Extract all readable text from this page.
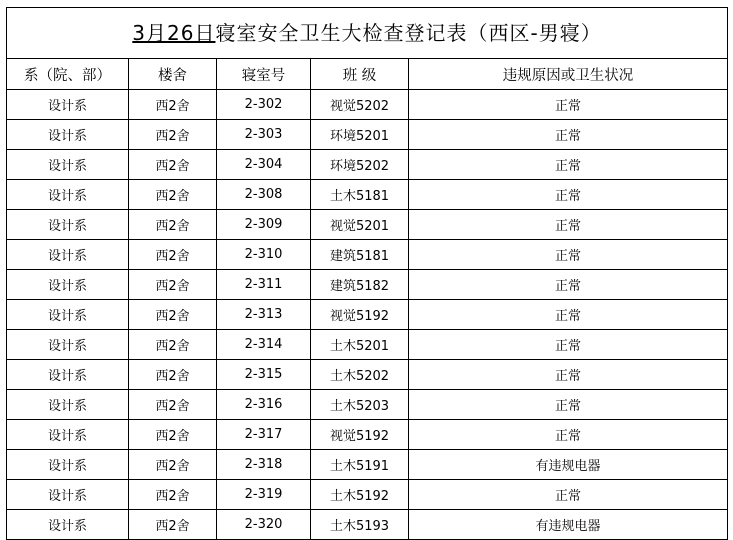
3月26日寝室安全卫生大检查登记表（西区-男寝）				
系（院、部）	楼舍	寝室号	班 级	违规原因或卫生状况
设计系	西2舍	2-302	视觉5202	正常
设计系	西2舍	2-303	环境5201	正常
设计系	西2舍	2-304	环境5202	正常
设计系	西2舍	2-308	土木5181	正常
设计系	西2舍	2-309	视觉5201	正常
设计系	西2舍	2-310	建筑5181	正常
设计系	西2舍	2-311	建筑5182	正常
设计系	西2舍	2-313	视觉5192	正常
设计系	西2舍	2-314	土木5201	正常
设计系	西2舍	2-315	土木5202	正常
设计系	西2舍	2-316	土木5203	正常
设计系	西2舍	2-317	视觉5192	正常
设计系	西2舍	2-318	土木5191	有违规电器
设计系	西2舍	2-319	土木5192	正常
设计系	西2舍	2-320	土木5193	有违规电器
